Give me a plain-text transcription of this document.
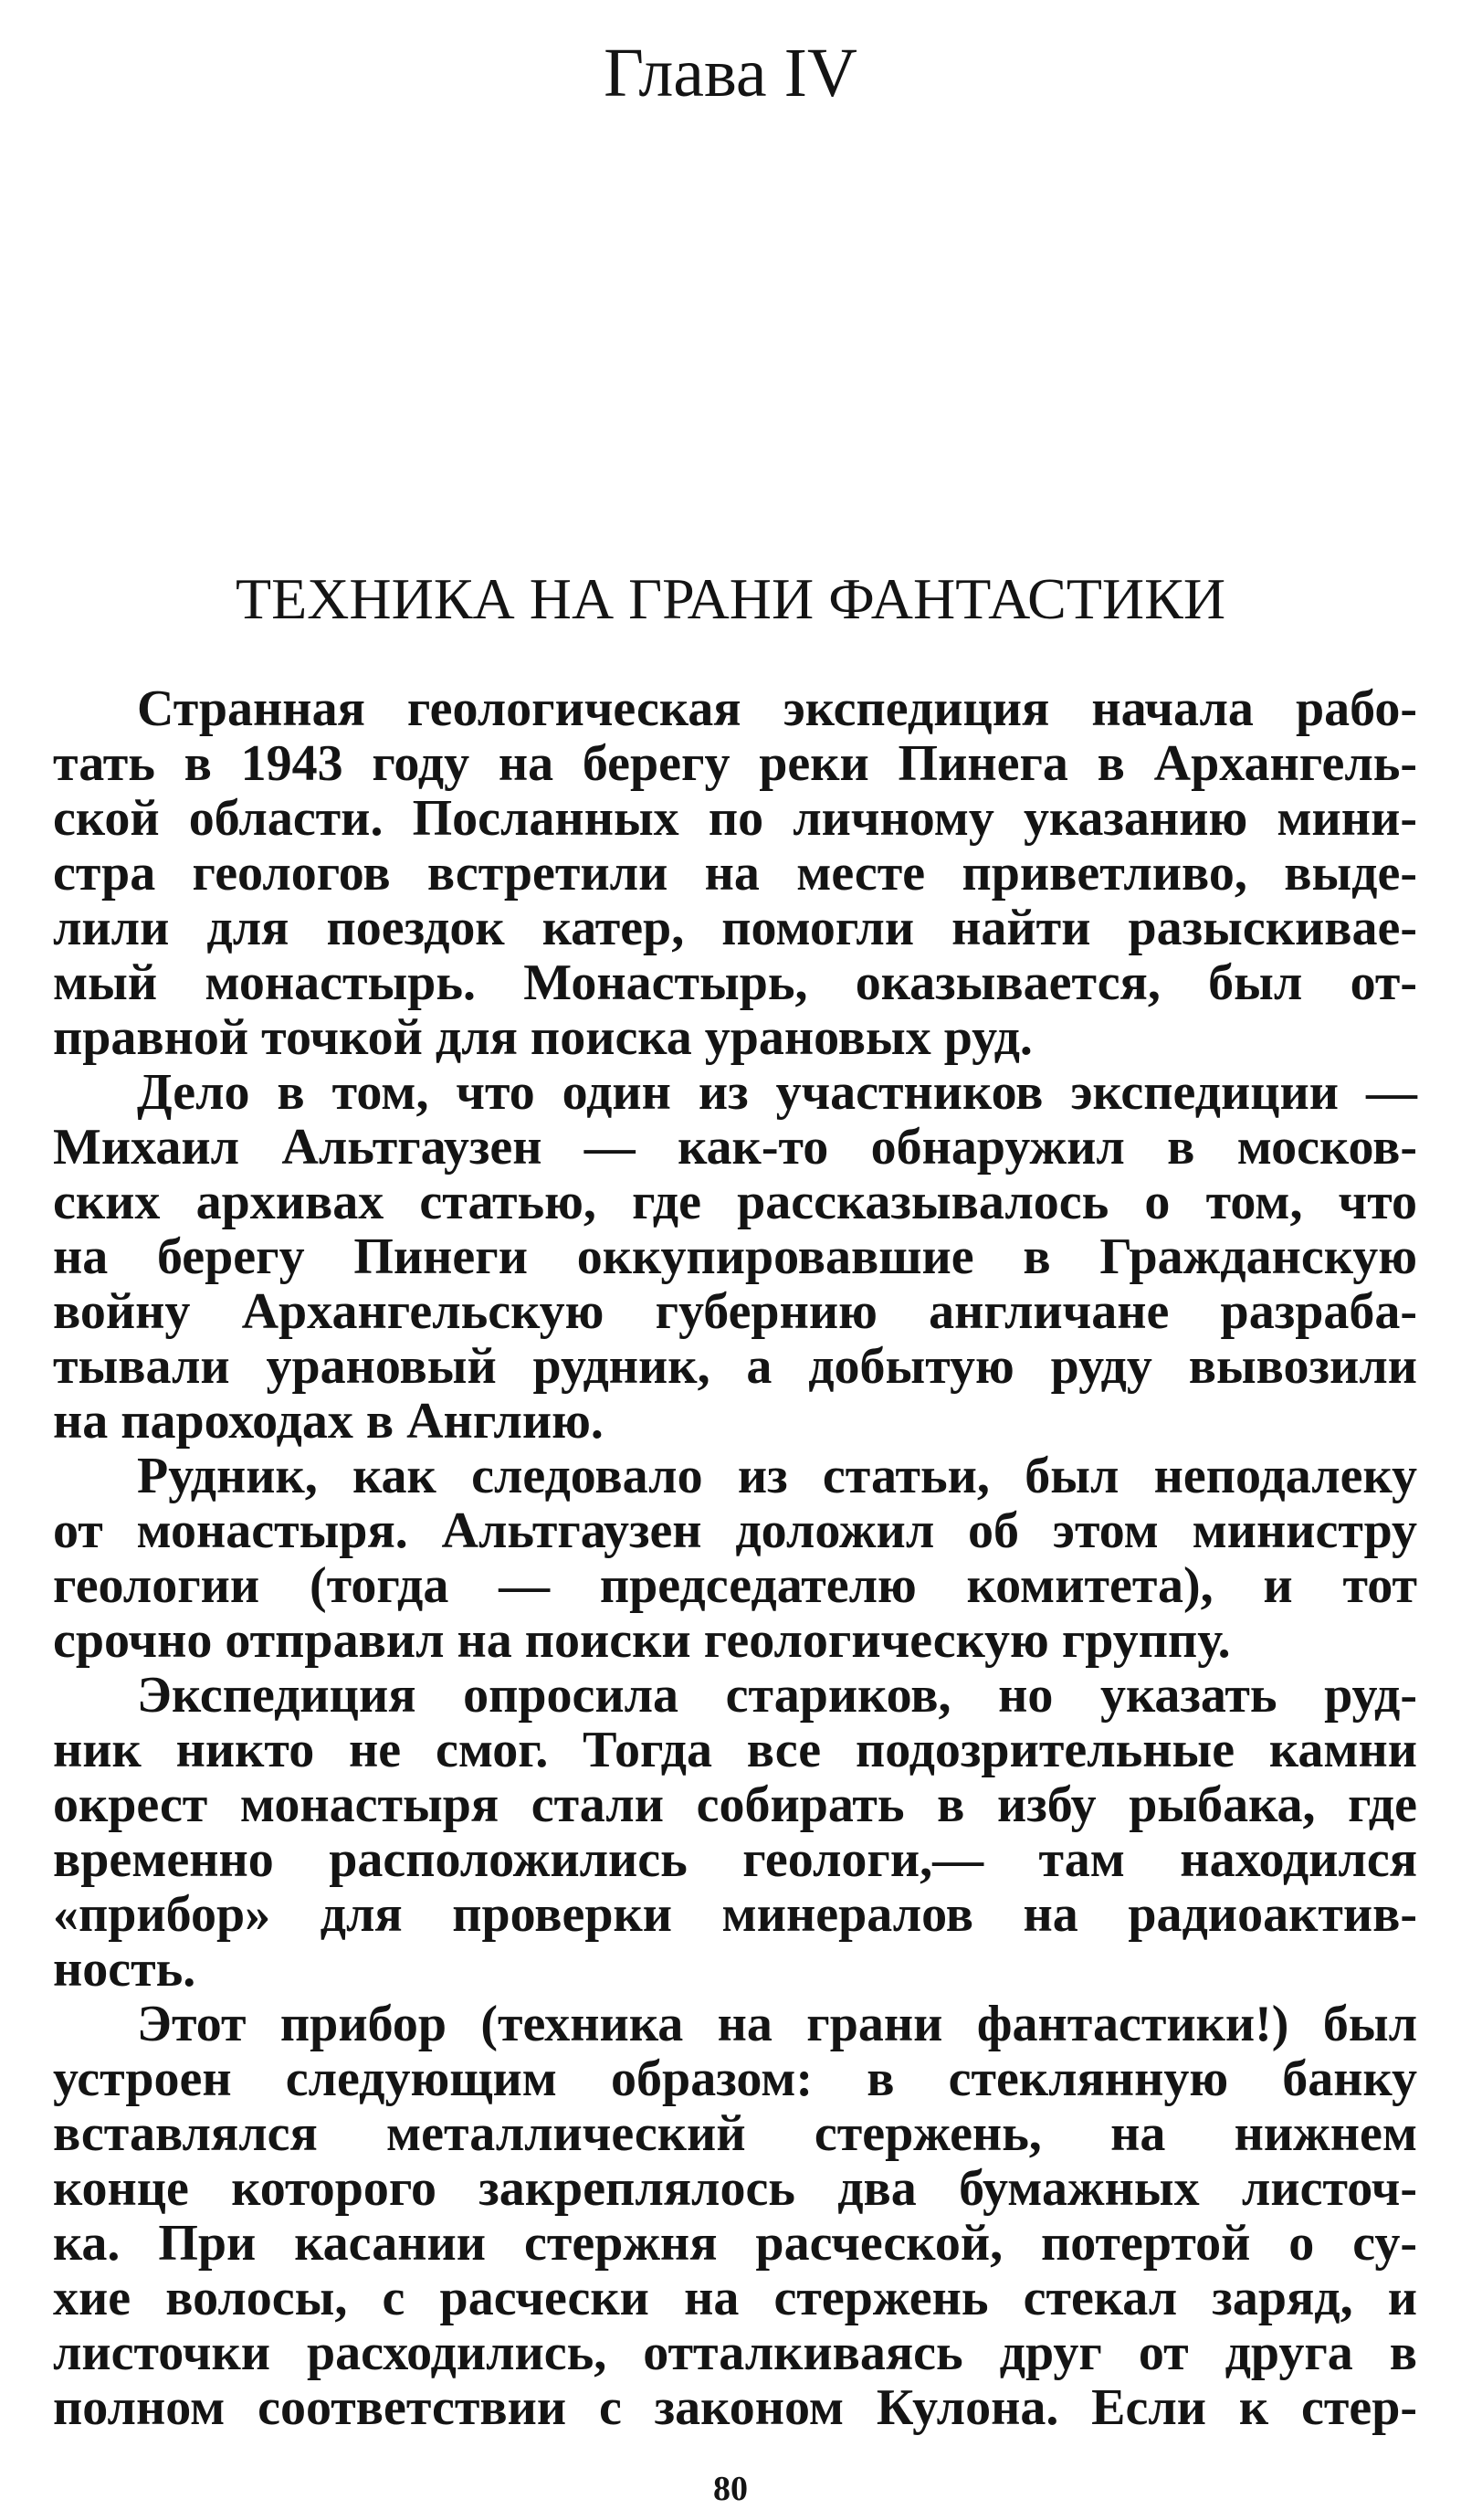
Глава IV
ТЕХНИКА НА ГРАНИ ФАНТАСТИКИ
Странная геологическая экспедиция начала рабо-
тать в 1943 году на берегу реки Пинега в Архангель-
ской области. Посланных по личному указанию мини-
стра геологов встретили на месте приветливо, выде-
лили для поездок катер, помогли найти разыскивае-
мый монастырь. Монастырь, оказывается, был от-
правной точкой для поиска урановых руд.
Дело в том, что один из участников экспедиции —
Михаил Альтгаузен — как-то обнаружил в москов-
ских архивах статью, где рассказывалось о том, что
на берегу Пинеги оккупировавшие в Гражданскую
войну Архангельскую губернию англичане разраба-
тывали урановый рудник, а добытую руду вывозили
на пароходах в Англию.
Рудник, как следовало из статьи, был неподалеку
от монастыря. Альтгаузен доложил об этом министру
геологии (тогда — председателю комитета), и тот
срочно отправил на поиски геологическую группу.
Экспедиция опросила стариков, но указать руд-
ник никто не смог. Тогда все подозрительные камни
окрест монастыря стали собирать в избу рыбака, где
временно расположились геологи,— там находился
«прибор» для проверки минералов на радиоактив-
ность.
Этот прибор (техника на грани фантастики!) был
устроен следующим образом: в стеклянную банку
вставлялся металлический стержень, на нижнем
конце которого закреплялось два бумажных листоч-
ка. При касании стержня расческой, потертой о су-
хие волосы, с расчески на стержень стекал заряд, и
листочки расходились, отталкиваясь друг от друга в
полном соответствии с законом Кулона. Если к стер-
80
